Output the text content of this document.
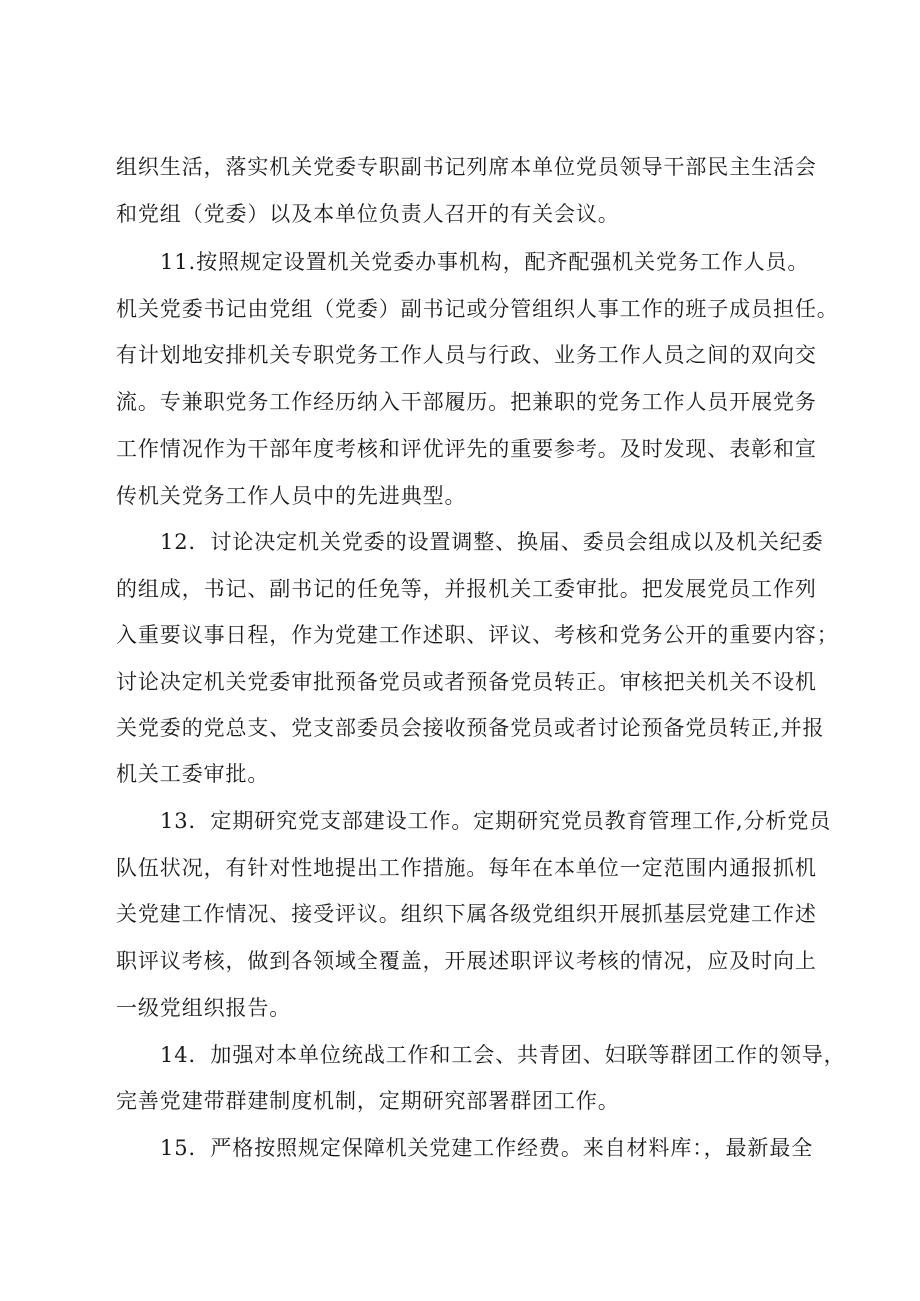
组织生活，落实机关党委专职副书记列席本单位党员领导干部民主生活会

和党组（党委）以及本单位负责人召开的有关会议。

11.按照规定设置机关党委办事机构，配齐配强机关党务工作人员。

机关党委书记由党组（党委）副书记或分管组织人事工作的班子成员担任。

有计划地安排机关专职党务工作人员与行政、业务工作人员之间的双向交

流。专兼职党务工作经历纳入干部履历。把兼职的党务工作人员开展党务

工作情况作为干部年度考核和评优评先的重要参考。及时发现、表彰和宣

传机关党务工作人员中的先进典型。

12．讨论决定机关党委的设置调整、换届、委员会组成以及机关纪委

的组成，书记、副书记的任免等，并报机关工委审批。把发展党员工作列

入重要议事日程，作为党建工作述职、评议、考核和党务公开的重要内容；

讨论决定机关党委审批预备党员或者预备党员转正。审核把关机关不设机

关党委的党总支、党支部委员会接收预备党员或者讨论预备党员转正,并报

机关工委审批。

13．定期研究党支部建设工作。定期研究党员教育管理工作,分析党员

队伍状况，有针对性地提出工作措施。每年在本单位一定范围内通报抓机

关党建工作情况、接受评议。组织下属各级党组织开展抓基层党建工作述

职评议考核，做到各领域全覆盖，开展述职评议考核的情况，应及时向上

一级党组织报告。

14．加强对本单位统战工作和工会、共青团、妇联等群团工作的领导，

完善党建带群建制度机制，定期研究部署群团工作。

15．严格按照规定保障机关党建工作经费。来自材料库：，最新最全
